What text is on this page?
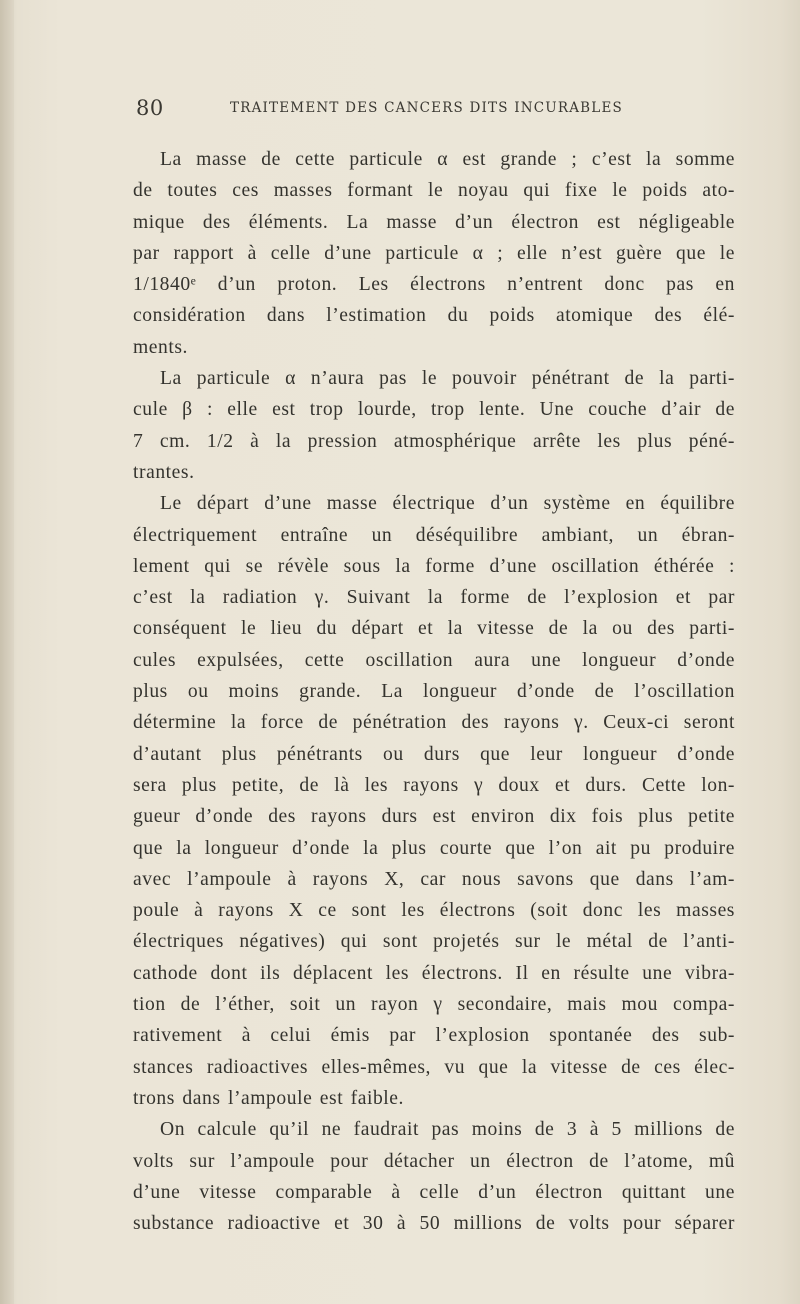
80	TRAITEMENT DES CANCERS DITS INCURABLES
La masse de cette particule α est grande ; c’est la somme
de toutes ces masses formant le noyau qui fixe le poids ato-
mique des éléments. La masse d’un électron est négligeable
par rapport à celle d’une particule α ; elle n’est guère que le
1/1840ᵉ d’un proton. Les électrons n’entrent donc pas en
considération dans l’estimation du poids atomique des élé-
ments.
La particule α n’aura pas le pouvoir pénétrant de la parti-
cule β : elle est trop lourde, trop lente. Une couche d’air de
7 cm. 1/2 à la pression atmosphérique arrête les plus péné-
trantes.
Le départ d’une masse électrique d’un système en équilibre
électriquement entraîne un déséquilibre ambiant, un ébran-
lement qui se révèle sous la forme d’une oscillation éthérée :
c’est la radiation γ. Suivant la forme de l’explosion et par
conséquent le lieu du départ et la vitesse de la ou des parti-
cules expulsées, cette oscillation aura une longueur d’onde
plus ou moins grande. La longueur d’onde de l’oscillation
détermine la force de pénétration des rayons γ. Ceux-ci seront
d’autant plus pénétrants ou durs que leur longueur d’onde
sera plus petite, de là les rayons γ doux et durs. Cette lon-
gueur d’onde des rayons durs est environ dix fois plus petite
que la longueur d’onde la plus courte que l’on ait pu produire
avec l’ampoule à rayons X, car nous savons que dans l’am-
poule à rayons X ce sont les électrons (soit donc les masses
électriques négatives) qui sont projetés sur le métal de l’anti-
cathode dont ils déplacent les électrons. Il en résulte une vibra-
tion de l’éther, soit un rayon γ secondaire, mais mou compa-
rativement à celui émis par l’explosion spontanée des sub-
stances radioactives elles-mêmes, vu que la vitesse de ces élec-
trons dans l’ampoule est faible.
On calcule qu’il ne faudrait pas moins de 3 à 5 millions de
volts sur l’ampoule pour détacher un électron de l’atome, mû
d’une vitesse comparable à celle d’un électron quittant une
substance radioactive et 30 à 50 millions de volts pour séparer
